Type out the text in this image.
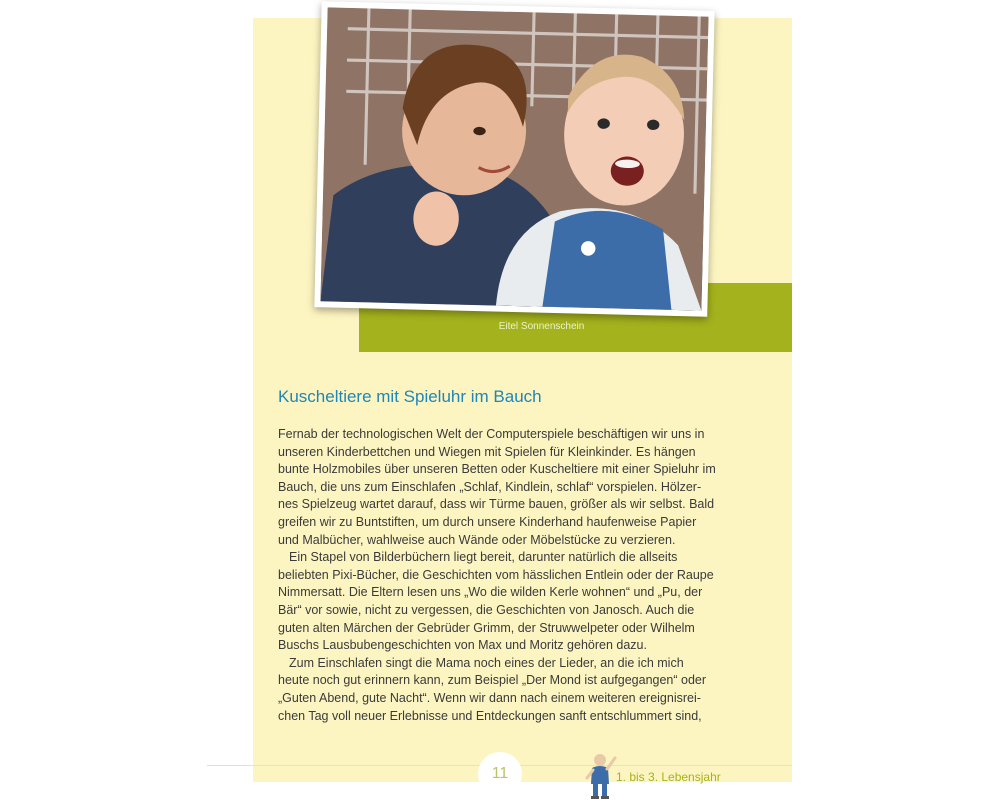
Eitel Sonnenschein
Kuscheltiere mit Spieluhr im Bauch

Fernab der technologischen Welt der Computerspiele beschäftigen wir uns in
unseren Kinderbettchen und Wiegen mit Spielen für Kleinkinder. Es hängen
bunte Holzmobiles über unseren Betten oder Kuscheltiere mit einer Spieluhr im
Bauch, die uns zum Einschlafen „Schlaf, Kindlein, schlaf“ vorspielen. Hölzer-
nes Spielzeug wartet darauf, dass wir Türme bauen, größer als wir selbst. Bald
greifen wir zu Buntstiften, um durch unsere Kinderhand haufenweise Papier
und Malbücher, wahlweise auch Wände oder Möbelstücke zu verzieren.

Ein Stapel von Bilderbüchern liegt bereit, darunter natürlich die allseits
beliebten Pixi-Bücher, die Geschichten vom hässlichen Entlein oder der Raupe
Nimmersatt. Die Eltern lesen uns „Wo die wilden Kerle wohnen“ und „Pu, der
Bär“ vor sowie, nicht zu vergessen, die Geschichten von Janosch. Auch die
guten alten Märchen der Gebrüder Grimm, der Struwwelpeter oder Wilhelm
Buschs Lausbubengeschichten von Max und Moritz gehören dazu.

Zum Einschlafen singt die Mama noch eines der Lieder, an die ich mich
heute noch gut erinnern kann, zum Beispiel „Der Mond ist aufgegangen“ oder
„Guten Abend, gute Nacht“. Wenn wir dann nach einem weiteren ereignisrei-
chen Tag voll neuer Erlebnisse und Entdeckungen sanft entschlummert sind,

11	1. bis 3. Lebensjahr
